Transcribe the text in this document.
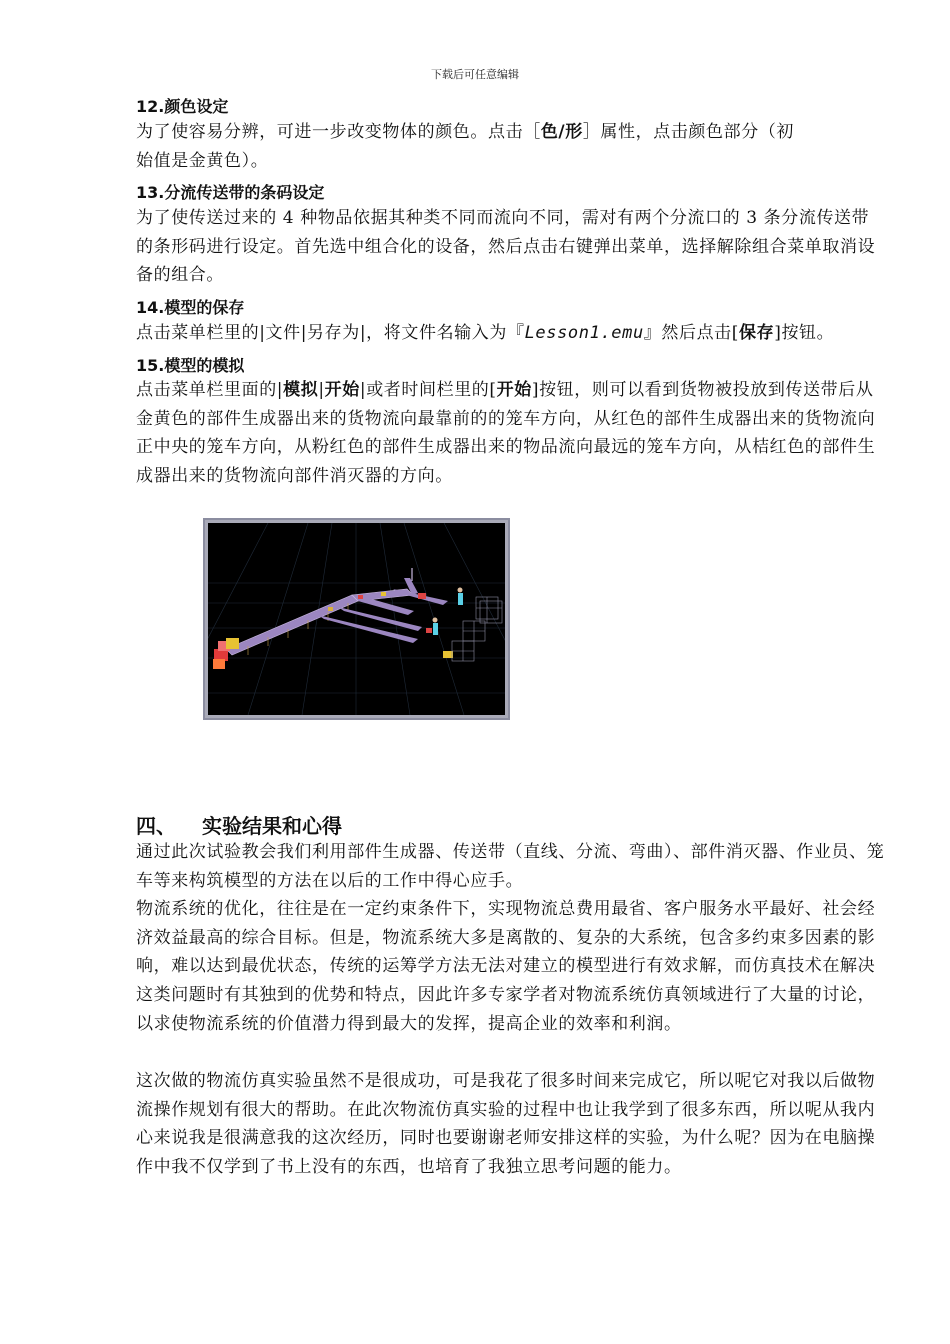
下载后可任意编辑
12.颜色设定
为了使容易分辨，可进一步改变物体的颜色。点击［色/形］属性，点击颜色部分（初
始值是金黄色）。
13.分流传送带的条码设定
为了使传送过来的 4 种物品依据其种类不同而流向不同，需对有两个分流口的 3 条分流传送带的条形码进行设定。首先选中组合化的设备，然后点击右键弹出菜单，选择解除组合菜单取消设备的组合。
14.模型的保存
点击菜单栏里的|文件|另存为|，将文件名输入为『Lesson1.emu』然后点击[保存]按钮。
15.模型的模拟
点击菜单栏里面的|模拟|开始|或者时间栏里的[开始]按钮，则可以看到货物被投放到传送带后从金黄色的部件生成器出来的货物流向最靠前的的笼车方向，从红色的部件生成器出来的货物流向正中央的笼车方向，从粉红色的部件生成器出来的物品流向最远的笼车方向，从桔红色的部件生成器出来的货物流向部件消灭器的方向。
四、 实验结果和心得
通过此次试验教会我们利用部件生成器、传送带（直线、分流、弯曲）、部件消灭器、作业员、笼车等来构筑模型的方法在以后的工作中得心应手。
物流系统的优化，往往是在一定约束条件下，实现物流总费用最省、客户服务水平最好、社会经济效益最高的综合目标。但是，物流系统大多是离散的、复杂的大系统，包含多约束多因素的影响，难以达到最优状态，传统的运筹学方法无法对建立的模型进行有效求解，而仿真技术在解决这类问题时有其独到的优势和特点，因此许多专家学者对物流系统仿真领域进行了大量的讨论，以求使物流系统的价值潜力得到最大的发挥，提高企业的效率和利润。
这次做的物流仿真实验虽然不是很成功，可是我花了很多时间来完成它，所以呢它对我以后做物流操作规划有很大的帮助。在此次物流仿真实验的过程中也让我学到了很多东西，所以呢从我内心来说我是很满意我的这次经历，同时也要谢谢老师安排这样的实验，为什么呢？因为在电脑操作中我不仅学到了书上没有的东西，也培育了我独立思考问题的能力。
